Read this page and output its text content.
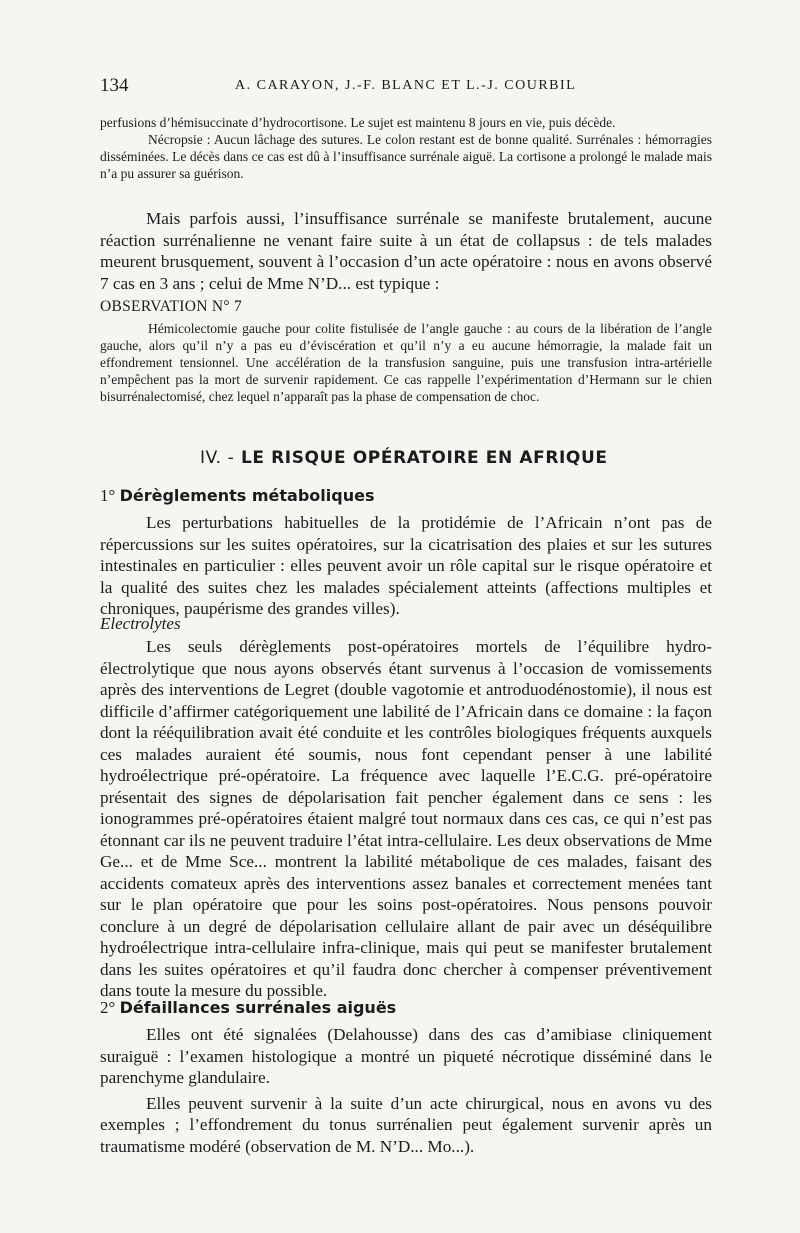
134	A. CARAYON, J.-F. BLANC ET L.-J. COURBIL

perfusions d’hémisuccinate d’hydrocortisone. Le sujet est maintenu 8 jours en vie, puis décède.

Nécropsie : Aucun lâchage des sutures. Le colon restant est de bonne qualité. Surrénales : hémorragies disséminées. Le décès dans ce cas est dû à l’insuffisance surrénale aiguë. La cortisone a prolongé le malade mais n’a pu assurer sa guérison.

Mais parfois aussi, l’insuffisance surrénale se manifeste brutalement, aucune réaction surrénalienne ne venant faire suite à un état de collapsus : de tels malades meurent brusquement, souvent à l’occasion d’un acte opératoire : nous en avons observé 7 cas en 3 ans ; celui de Mme N’D... est typique :

OBSERVATION N° 7

Hémicolectomie gauche pour colite fistulisée de l’angle gauche : au cours de la libération de l’angle gauche, alors qu’il n’y a pas eu d’éviscération et qu’il n’y a eu aucune hémorragie, la malade fait un effondrement tensionnel. Une accélération de la transfusion sanguine, puis une transfusion intra-artérielle n’empêchent pas la mort de survenir rapidement. Ce cas rappelle l’expérimentation d’Hermann sur le chien bisurrénalectomisé, chez lequel n’apparaît pas la phase de compensation de choc.

IV. - LE RISQUE OPÉRATOIRE EN AFRIQUE
1° Dérèglements métaboliques

Les perturbations habituelles de la protidémie de l’Africain n’ont pas de répercussions sur les suites opératoires, sur la cicatrisation des plaies et sur les sutures intestinales en particulier : elles peuvent avoir un rôle capital sur le risque opératoire et la qualité des suites chez les malades spécialement atteints (affections multiples et chroniques, paupérisme des grandes villes).

Electrolytes

Les seuls dérèglements post-opératoires mortels de l’équilibre hydro-électrolytique que nous ayons observés étant survenus à l’occasion de vomissements après des interventions de Legret (double vagotomie et antroduodénostomie), il nous est difficile d’affirmer catégoriquement une labilité de l’Africain dans ce domaine : la façon dont la rééquilibration avait été conduite et les contrôles biologiques fréquents auxquels ces malades auraient été soumis, nous font cependant penser à une labilité hydroélectrique pré-opératoire. La fréquence avec laquelle l’E.C.G. pré-opératoire présentait des signes de dépolarisation fait pencher également dans ce sens : les ionogrammes pré-opératoires étaient malgré tout normaux dans ces cas, ce qui n’est pas étonnant car ils ne peuvent traduire l’état intra-cellulaire. Les deux observations de Mme Ge... et de Mme Sce... montrent la labilité métabolique de ces malades, faisant des accidents comateux après des interventions assez banales et correctement menées tant sur le plan opératoire que pour les soins post-opératoires. Nous pensons pouvoir conclure à un degré de dépolarisation cellulaire allant de pair avec un déséquilibre hydroélectrique intra-cellulaire infra-clinique, mais qui peut se manifester brutalement dans les suites opératoires et qu’il faudra donc chercher à compenser préventivement dans toute la mesure du possible.

2° Défaillances surrénales aiguës

Elles ont été signalées (Delahousse) dans des cas d’amibiase cliniquement suraiguë : l’examen histologique a montré un piqueté nécrotique disséminé dans le parenchyme glandulaire.

Elles peuvent survenir à la suite d’un acte chirurgical, nous en avons vu des exemples ; l’effondrement du tonus surrénalien peut également survenir après un traumatisme modéré (observation de M. N’D... Mo...).
